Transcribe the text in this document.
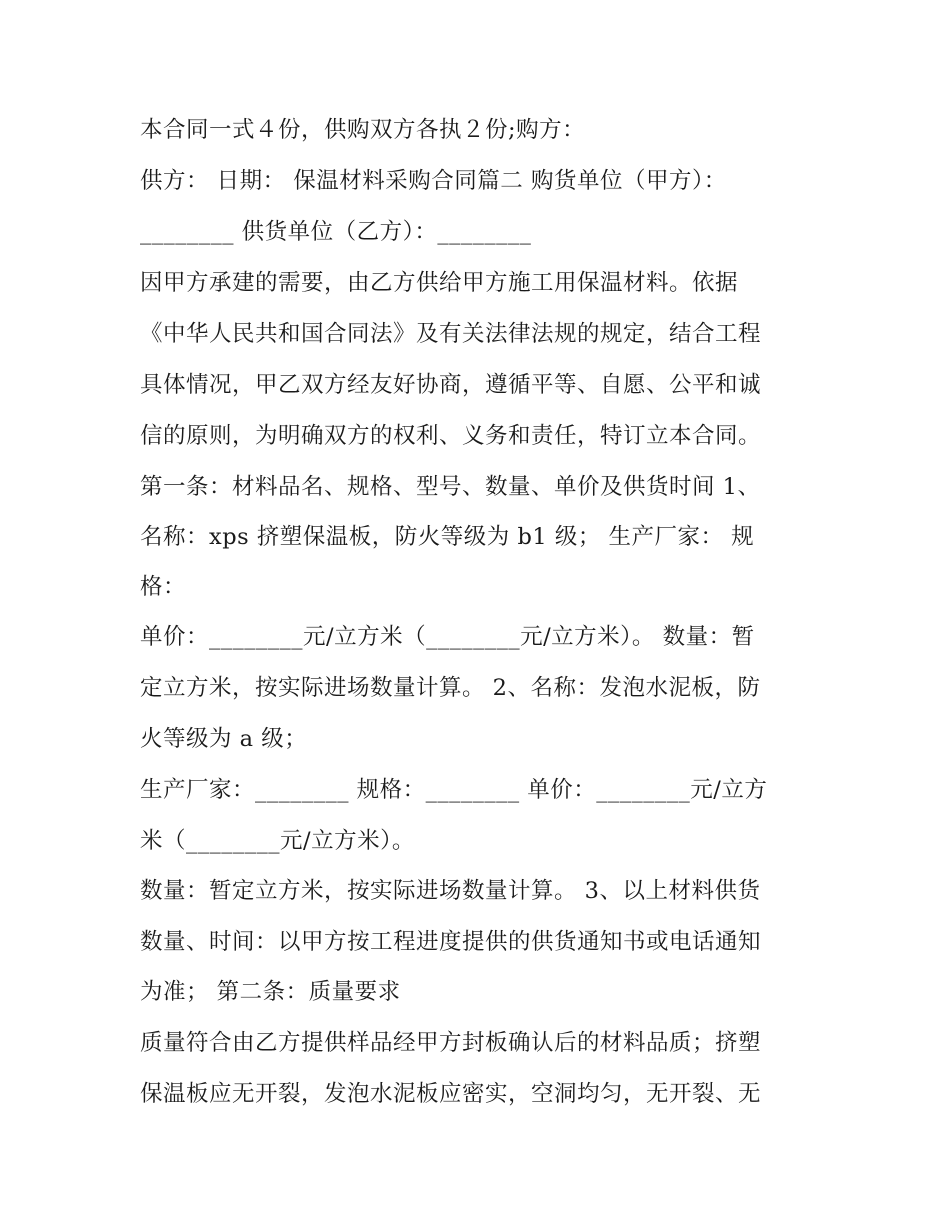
本合同一式４份，供购双方各执２份;购方：
供方： 日期： 保温材料采购合同篇二 购货单位（甲方）：
________ 供货单位（乙方）：________
因甲方承建的需要，由乙方供给甲方施工用保温材料。依据
《中华人民共和国合同法》及有关法律法规的规定，结合工程
具体情况，甲乙双方经友好协商，遵循平等、自愿、公平和诚
信的原则，为明确双方的权利、义务和责任，特订立本合同。
第一条：材料品名、规格、型号、数量、单价及供货时间 1、
名称：xps 挤塑保温板，防火等级为 b1 级； 生产厂家： 规
格：
单价：________元/立方米（________元/立方米）。 数量：暂
定立方米，按实际进场数量计算。 2、名称：发泡水泥板，防
火等级为 a 级；
生产厂家：________ 规格：________ 单价：________元/立方
米（________元/立方米）。
数量：暂定立方米，按实际进场数量计算。 3、以上材料供货
数量、时间：以甲方按工程进度提供的供货通知书或电话通知
为准； 第二条：质量要求
质量符合由乙方提供样品经甲方封板确认后的材料品质；挤塑
保温板应无开裂，发泡水泥板应密实，空洞均匀，无开裂、无
